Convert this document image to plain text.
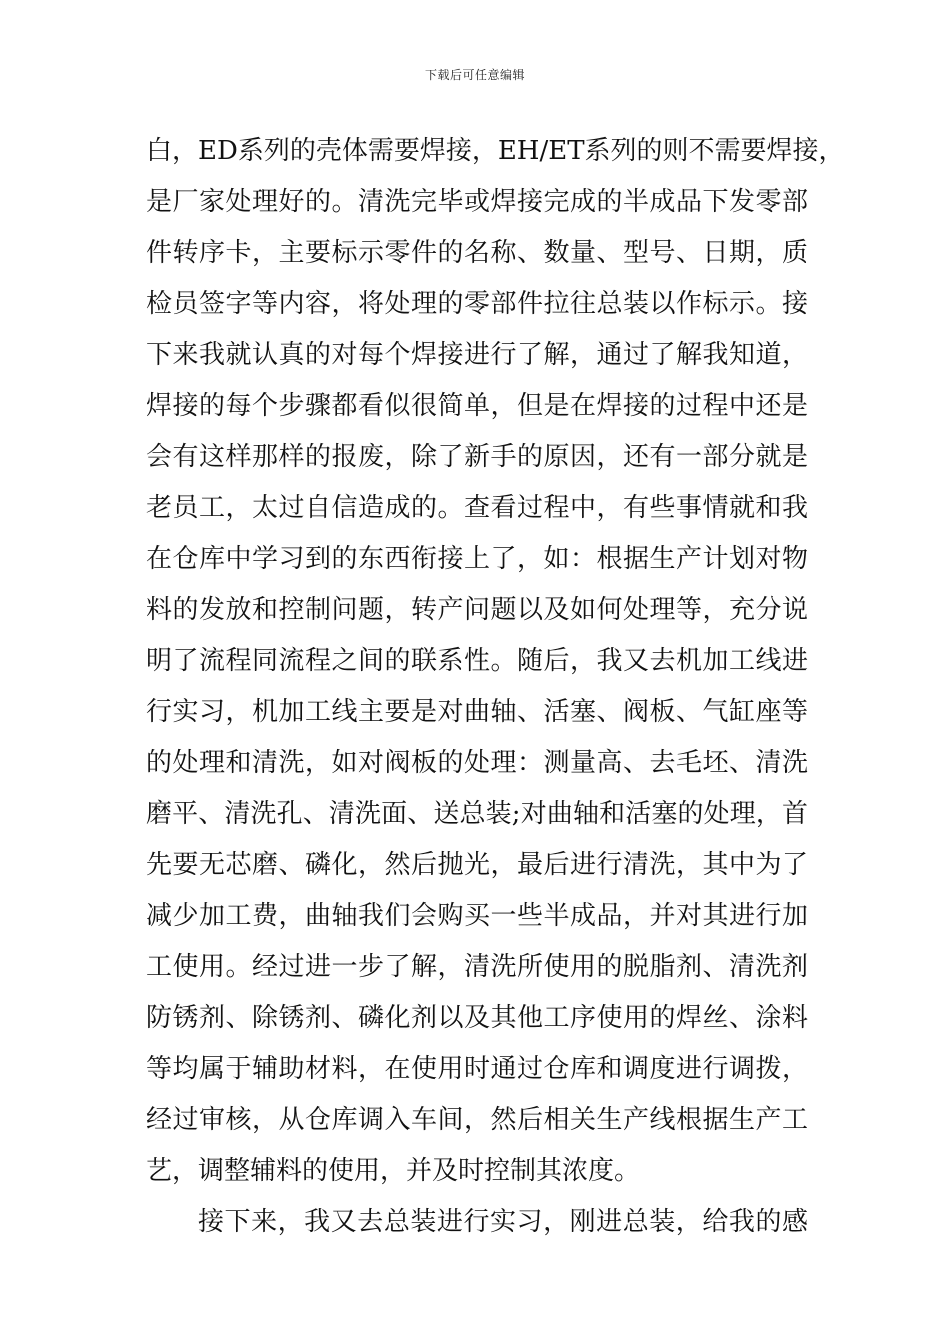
下载后可任意编辑
白，ED系列的壳体需要焊接，EH/ET系列的则不需要焊接，
是厂家处理好的。清洗完毕或焊接完成的半成品下发零部
件转序卡，主要标示零件的名称、数量、型号、日期，质
检员签字等内容，将处理的零部件拉往总装以作标示。接
下来我就认真的对每个焊接进行了解，通过了解我知道，
焊接的每个步骤都看似很简单，但是在焊接的过程中还是
会有这样那样的报废，除了新手的原因，还有一部分就是
老员工，太过自信造成的。查看过程中，有些事情就和我
在仓库中学习到的东西衔接上了，如：根据生产计划对物
料的发放和控制问题，转产问题以及如何处理等，充分说
明了流程同流程之间的联系性。随后，我又去机加工线进
行实习，机加工线主要是对曲轴、活塞、阀板、气缸座等
的处理和清洗，如对阀板的处理：测量高、去毛坯、清洗
磨平、清洗孔、清洗面、送总装;对曲轴和活塞的处理，首
先要无芯磨、磷化，然后抛光，最后进行清洗，其中为了
减少加工费，曲轴我们会购买一些半成品，并对其进行加
工使用。经过进一步了解，清洗所使用的脱脂剂、清洗剂
防锈剂、除锈剂、磷化剂以及其他工序使用的焊丝、涂料
等均属于辅助材料，在使用时通过仓库和调度进行调拨，
经过审核，从仓库调入车间，然后相关生产线根据生产工
艺，调整辅料的使用，并及时控制其浓度。
接下来，我又去总装进行实习，刚进总装，给我的感
